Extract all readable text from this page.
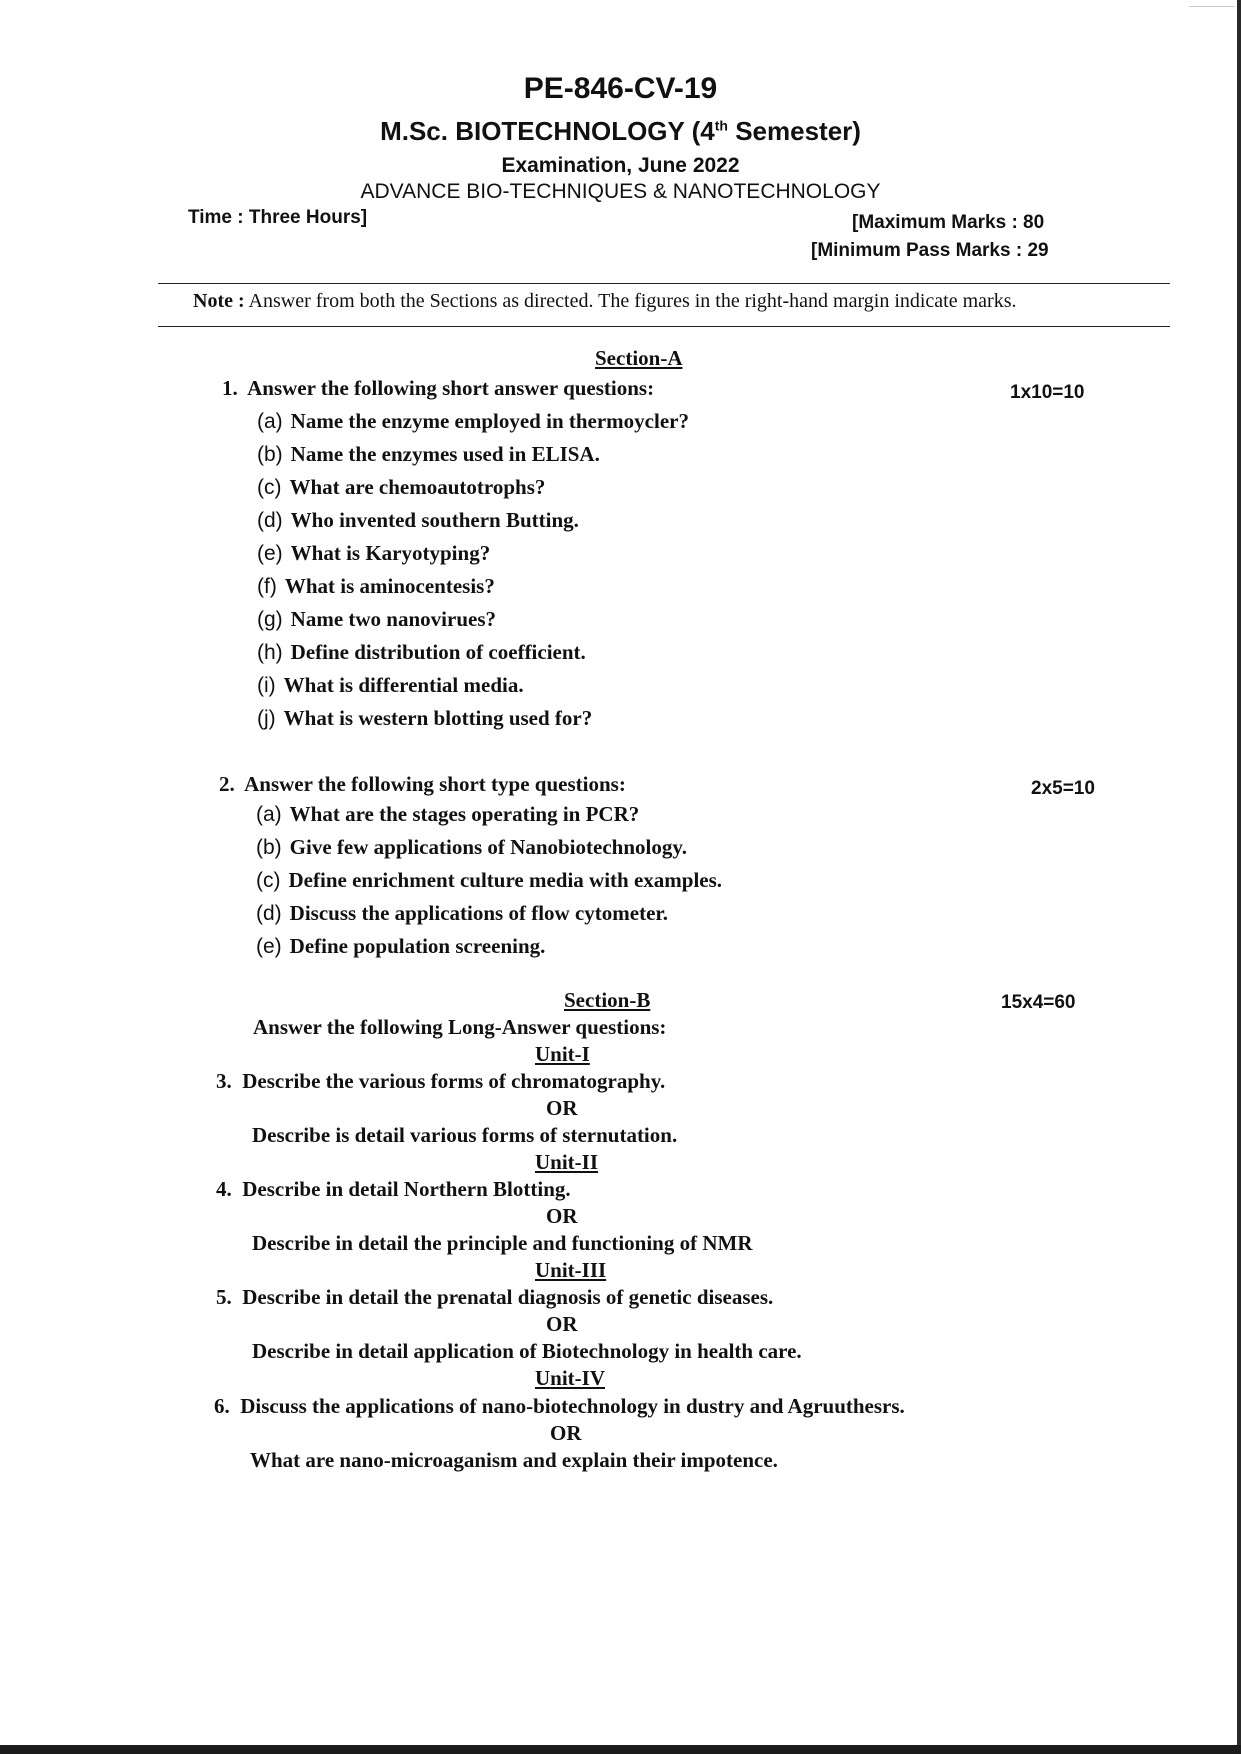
PE-846-CV-19
M.Sc. BIOTECHNOLOGY (4th Semester)
Examination, June 2022
ADVANCE BIO-TECHNIQUES & NANOTECHNOLOGY
Time : Three Hours]	[Maximum Marks : 80
[Minimum Pass Marks : 29
Note : Answer from both the Sections as directed. The figures in the right-hand margin indicate marks.
Section-A
1. Answer the following short answer questions:	1x10=10
(a) Name the enzyme employed in thermoycler?
(b) Name the enzymes used in ELISA.
(c) What are chemoautotrophs?
(d) Who invented southern Butting.
(e) What is Karyotyping?
(f) What is aminocentesis?
(g) Name two nanovirues?
(h) Define distribution of coefficient.
(i) What is differential media.
(j) What is western blotting used for?
2. Answer the following short type questions:	2x5=10
(a) What are the stages operating in PCR?
(b) Give few applications of Nanobiotechnology.
(c) Define enrichment culture media with examples.
(d) Discuss the applications of flow cytometer.
(e) Define population screening.
Section-B	15x4=60
Answer the following Long-Answer questions:
Unit-I
3. Describe the various forms of chromatography.
OR
Describe is detail various forms of sternutation.
Unit-II
4. Describe in detail Northern Blotting.
OR
Describe in detail the principle and functioning of NMR
Unit-III
5. Describe in detail the prenatal diagnosis of genetic diseases.
OR
Describe in detail application of Biotechnology in health care.
Unit-IV
6. Discuss the applications of nano-biotechnology in dustry and Agruuthesrs.
OR
What are nano-microaganism and explain their impotence.
